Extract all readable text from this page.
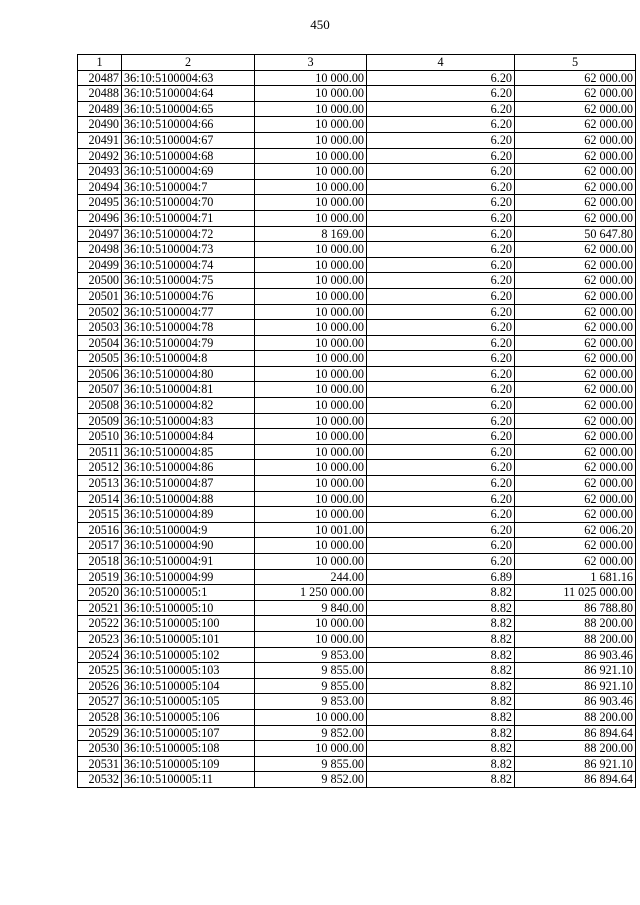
450
1	2	3	4	5
20487	36:10:5100004:63	10 000.00	6.20	62 000.00
20488	36:10:5100004:64	10 000.00	6.20	62 000.00
20489	36:10:5100004:65	10 000.00	6.20	62 000.00
20490	36:10:5100004:66	10 000.00	6.20	62 000.00
20491	36:10:5100004:67	10 000.00	6.20	62 000.00
20492	36:10:5100004:68	10 000.00	6.20	62 000.00
20493	36:10:5100004:69	10 000.00	6.20	62 000.00
20494	36:10:5100004:7	10 000.00	6.20	62 000.00
20495	36:10:5100004:70	10 000.00	6.20	62 000.00
20496	36:10:5100004:71	10 000.00	6.20	62 000.00
20497	36:10:5100004:72	8 169.00	6.20	50 647.80
20498	36:10:5100004:73	10 000.00	6.20	62 000.00
20499	36:10:5100004:74	10 000.00	6.20	62 000.00
20500	36:10:5100004:75	10 000.00	6.20	62 000.00
20501	36:10:5100004:76	10 000.00	6.20	62 000.00
20502	36:10:5100004:77	10 000.00	6.20	62 000.00
20503	36:10:5100004:78	10 000.00	6.20	62 000.00
20504	36:10:5100004:79	10 000.00	6.20	62 000.00
20505	36:10:5100004:8	10 000.00	6.20	62 000.00
20506	36:10:5100004:80	10 000.00	6.20	62 000.00
20507	36:10:5100004:81	10 000.00	6.20	62 000.00
20508	36:10:5100004:82	10 000.00	6.20	62 000.00
20509	36:10:5100004:83	10 000.00	6.20	62 000.00
20510	36:10:5100004:84	10 000.00	6.20	62 000.00
20511	36:10:5100004:85	10 000.00	6.20	62 000.00
20512	36:10:5100004:86	10 000.00	6.20	62 000.00
20513	36:10:5100004:87	10 000.00	6.20	62 000.00
20514	36:10:5100004:88	10 000.00	6.20	62 000.00
20515	36:10:5100004:89	10 000.00	6.20	62 000.00
20516	36:10:5100004:9	10 001.00	6.20	62 006.20
20517	36:10:5100004:90	10 000.00	6.20	62 000.00
20518	36:10:5100004:91	10 000.00	6.20	62 000.00
20519	36:10:5100004:99	244.00	6.89	1 681.16
20520	36:10:5100005:1	1 250 000.00	8.82	11 025 000.00
20521	36:10:5100005:10	9 840.00	8.82	86 788.80
20522	36:10:5100005:100	10 000.00	8.82	88 200.00
20523	36:10:5100005:101	10 000.00	8.82	88 200.00
20524	36:10:5100005:102	9 853.00	8.82	86 903.46
20525	36:10:5100005:103	9 855.00	8.82	86 921.10
20526	36:10:5100005:104	9 855.00	8.82	86 921.10
20527	36:10:5100005:105	9 853.00	8.82	86 903.46
20528	36:10:5100005:106	10 000.00	8.82	88 200.00
20529	36:10:5100005:107	9 852.00	8.82	86 894.64
20530	36:10:5100005:108	10 000.00	8.82	88 200.00
20531	36:10:5100005:109	9 855.00	8.82	86 921.10
20532	36:10:5100005:11	9 852.00	8.82	86 894.64
